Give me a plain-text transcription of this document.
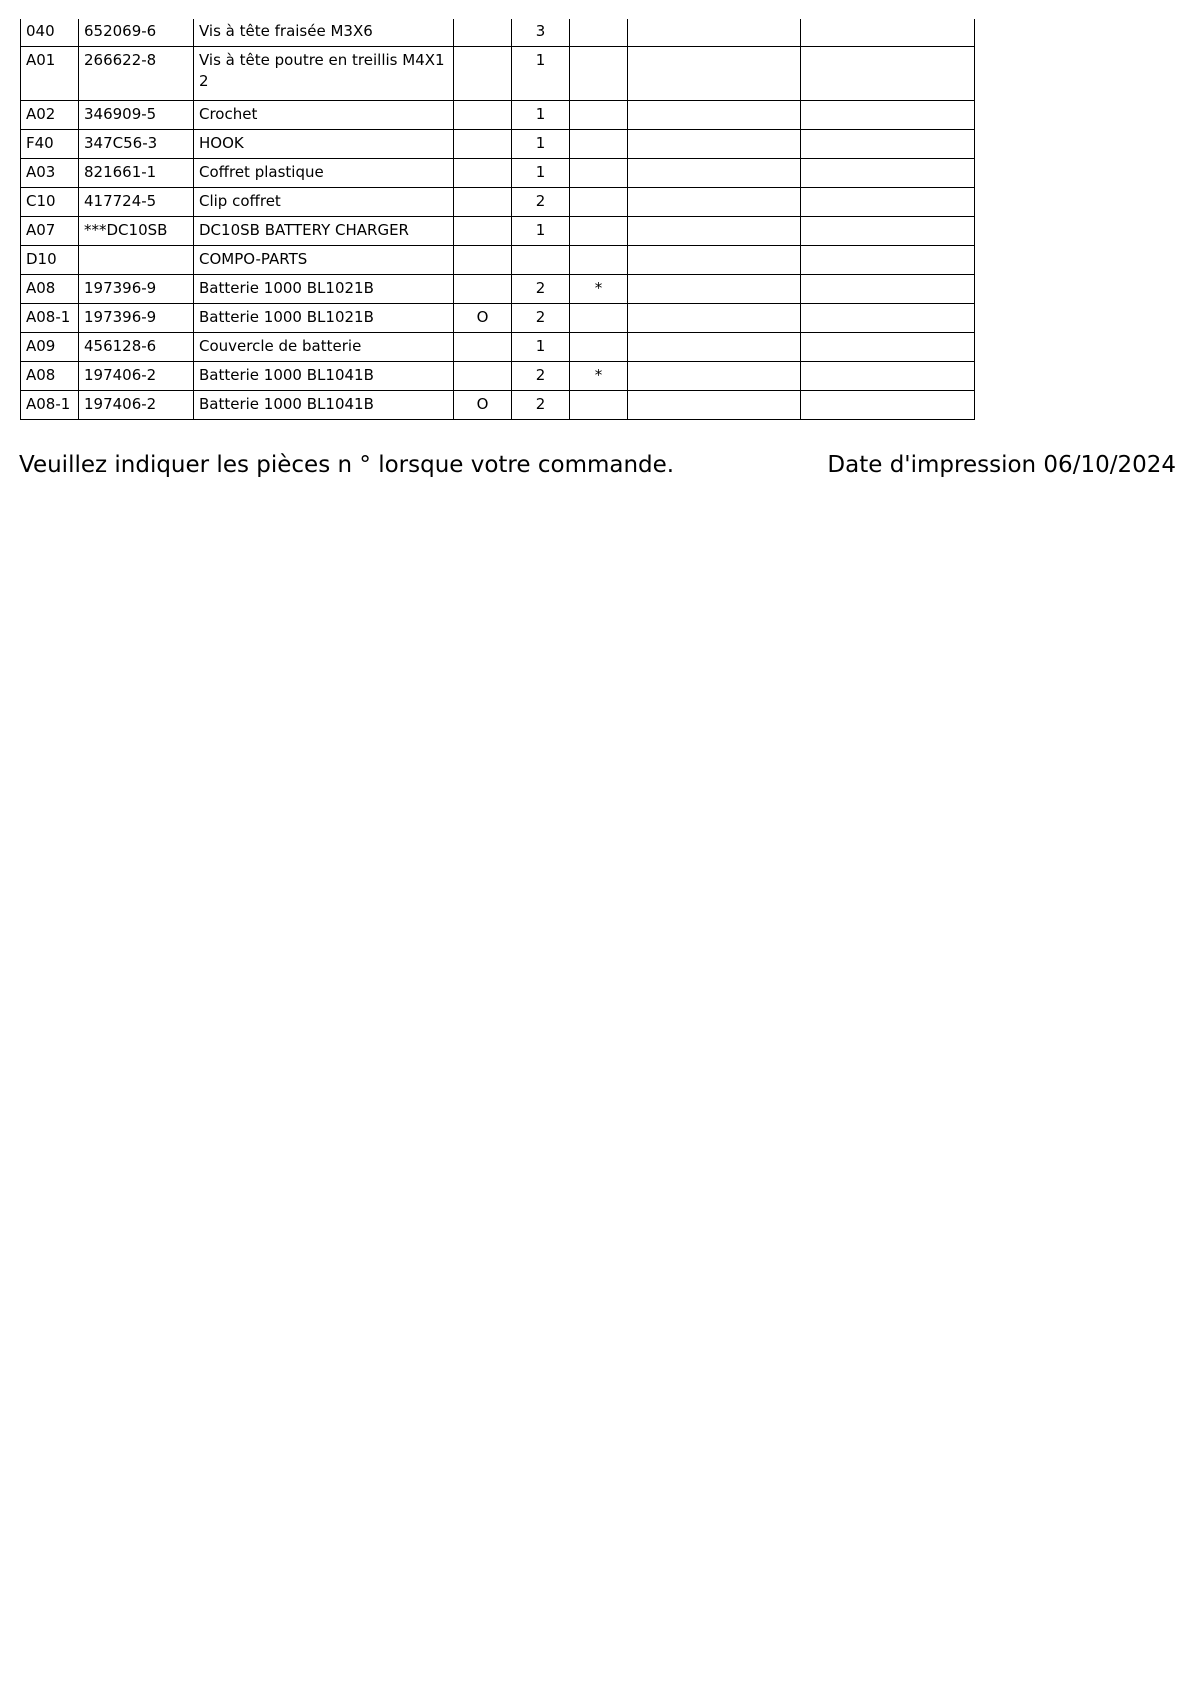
040	652069-6	Vis à tête fraisée M3X6		3			
A01	266622-8	Vis à tête poutre en treillis M4X12		1			
A02	346909-5	Crochet		1			
F40	347C56-3	HOOK		1			
A03	821661-1	Coffret plastique		1			
C10	417724-5	Clip coffret		2			
A07	***DC10SB	DC10SB BATTERY CHARGER		1			
D10		COMPO-PARTS					
A08	197396-9	Batterie 1000 BL1021B		2	*		
A08-1	197396-9	Batterie 1000 BL1021B	O	2			
A09	456128-6	Couvercle de batterie		1			
A08	197406-2	Batterie 1000 BL1041B		2	*		
A08-1	197406-2	Batterie 1000 BL1041B	O	2			
Veuillez indiquer les pièces n ° lorsque votre commande.	Date d'impression 06/10/2024
